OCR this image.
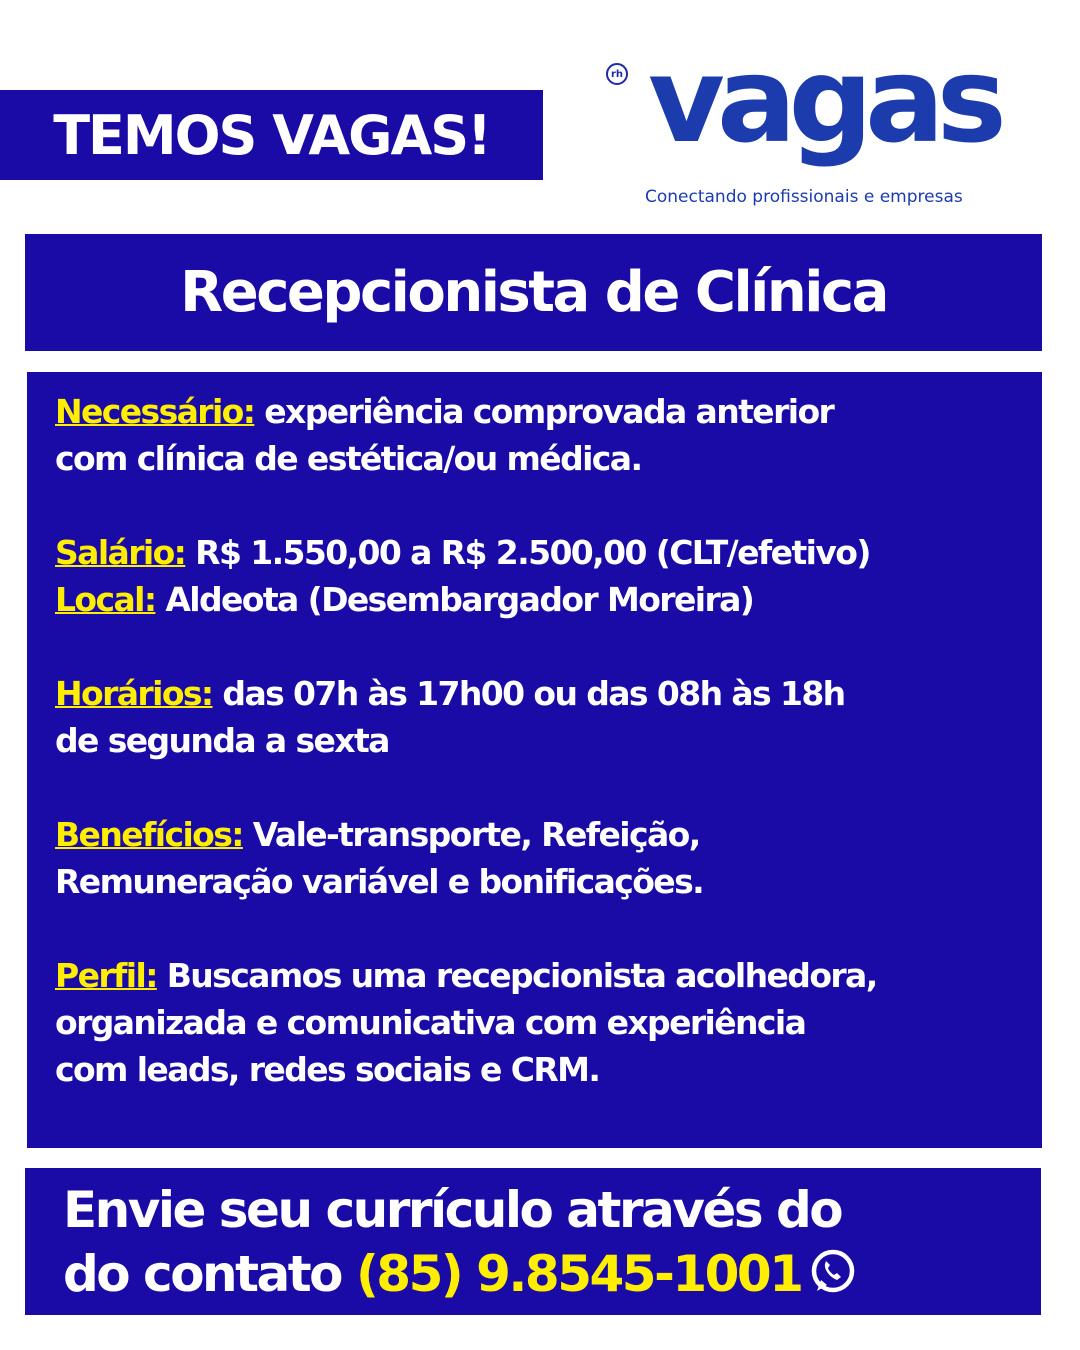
TEMOS VAGAS!
rh vagas
Conectando profissionais e empresas
Recepcionista de Clínica
Necessário: experiência comprovada anterior
com clínica de estética/ou médica.
Salário: R$ 1.550,00 a R$ 2.500,00 (CLT/efetivo)
Local: Aldeota (Desembargador Moreira)
Horários: das 07h às 17h00 ou das 08h às 18h
de segunda a sexta
Benefícios: Vale-transporte, Refeição,
Remuneração variável e bonificações.
Perfil: Buscamos uma recepcionista acolhedora,
organizada e comunicativa com experiência
com leads, redes sociais e CRM.
Envie seu currículo através do
do contato (85) 9.8545-1001
